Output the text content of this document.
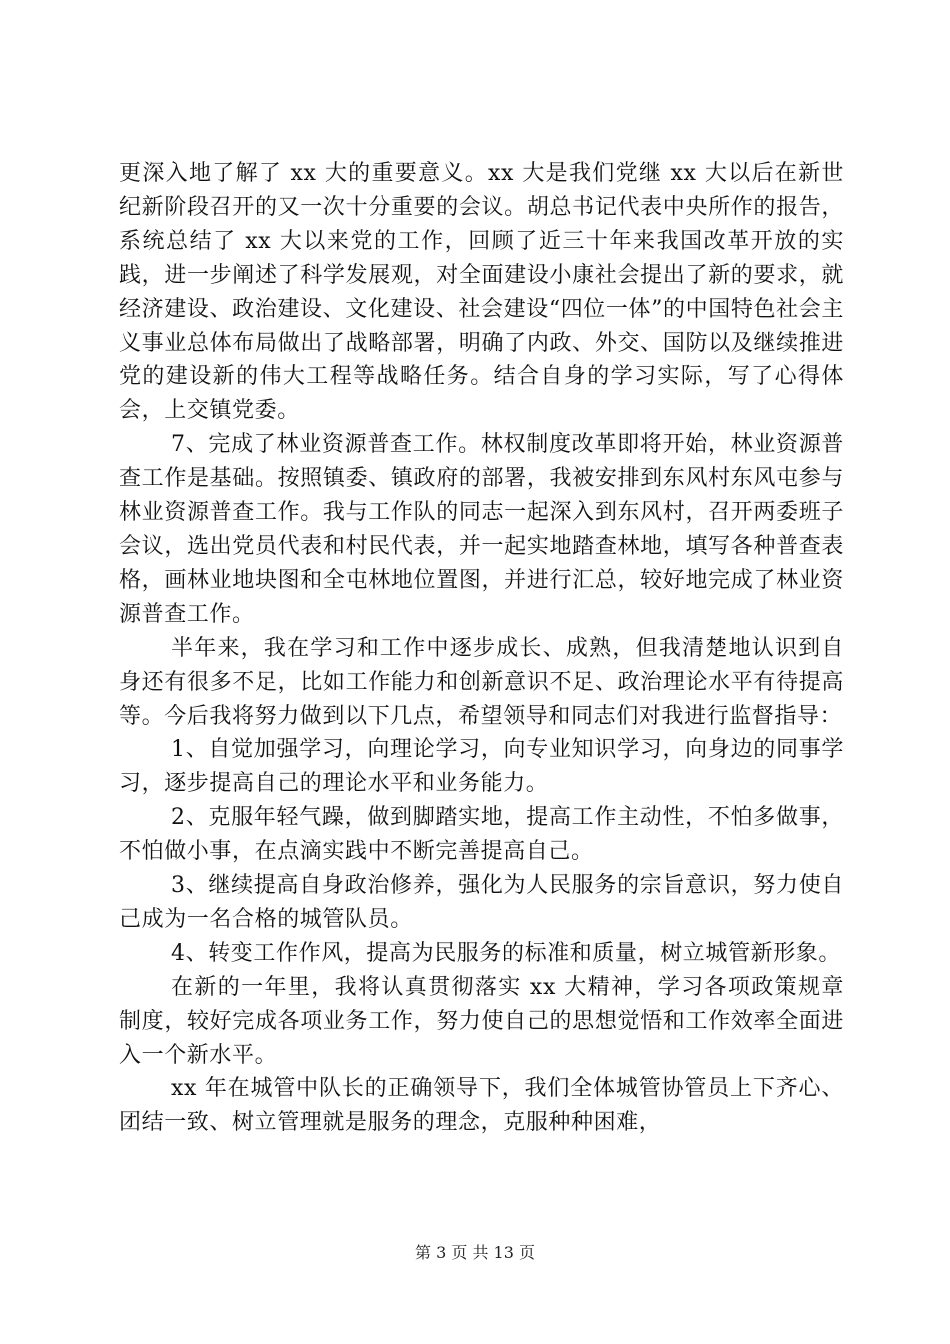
更深入地了解了 xx 大的重要意义。xx 大是我们党继 xx 大以后在新世纪新阶段召开的又一次十分重要的会议。胡总书记代表中央所作的报告，系统总结了 xx 大以来党的工作，回顾了近三十年来我国改革开放的实践，进一步阐述了科学发展观，对全面建设小康社会提出了新的要求，就经济建设、政治建设、文化建设、社会建设“四位一体”的中国特色社会主义事业总体布局做出了战略部署，明确了内政、外交、国防以及继续推进党的建设新的伟大工程等战略任务。结合自身的学习实际，写了心得体会，上交镇党委。

7、完成了林业资源普查工作。林权制度改革即将开始，林业资源普查工作是基础。按照镇委、镇政府的部署，我被安排到东风村东风屯参与林业资源普查工作。我与工作队的同志一起深入到东风村，召开两委班子会议，选出党员代表和村民代表，并一起实地踏查林地，填写各种普查表格，画林业地块图和全屯林地位置图，并进行汇总，较好地完成了林业资源普查工作。

半年来，我在学习和工作中逐步成长、成熟，但我清楚地认识到自身还有很多不足，比如工作能力和创新意识不足、政治理论水平有待提高等。今后我将努力做到以下几点，希望领导和同志们对我进行监督指导：

1、自觉加强学习，向理论学习，向专业知识学习，向身边的同事学习，逐步提高自己的理论水平和业务能力。

2、克服年轻气躁，做到脚踏实地，提高工作主动性，不怕多做事，不怕做小事，在点滴实践中不断完善提高自己。

3、继续提高自身政治修养，强化为人民服务的宗旨意识，努力使自己成为一名合格的城管队员。

4、转变工作作风，提高为民服务的标准和质量，树立城管新形象。

在新的一年里，我将认真贯彻落实 xx 大精神，学习各项政策规章制度，较好完成各项业务工作，努力使自己的思想觉悟和工作效率全面进入一个新水平。

xx 年在城管中队长的正确领导下，我们全体城管协管员上下齐心、团结一致、树立管理就是服务的理念，克服种种困难，

第 3 页 共 13 页
